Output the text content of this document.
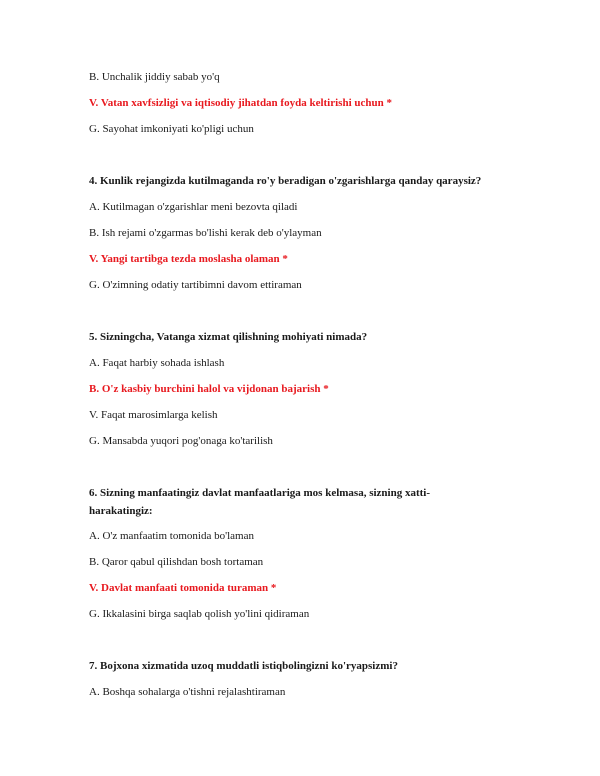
B. Unchalik jiddiy sabab yo'q
V. Vatan xavfsizligi va iqtisodiy jihatdan foyda keltirishi uchun *
G. Sayohat imkoniyati ko'pligi uchun
4. Kunlik rejangizda kutilmaganda ro'y beradigan o'zgarishlarga qanday qaraysiz?
A. Kutilmagan o'zgarishlar meni bezovta qiladi
B. Ish rejami o'zgarmas bo'lishi kerak deb o'ylayman
V. Yangi tartibga tezda moslasha olaman *
G. O'zimning odatiy tartibimni davom ettiraman
5. Sizningcha, Vatanga xizmat qilishning mohiyati nimada?
A. Faqat harbiy sohada ishlash
B. O'z kasbiy burchini halol va vijdonan bajarish *
V. Faqat marosimlarga kelish
G. Mansabda yuqori pog'onaga ko'tarilish
6. Sizning manfaatingiz davlat manfaatlariga mos kelmasa, sizning xatti-
harakatingiz:
A. O'z manfaatim tomonida bo'laman
B. Qaror qabul qilishdan bosh tortaman
V. Davlat manfaati tomonida turaman *
G. Ikkalasini birga saqlab qolish yo'lini qidiraman
7. Bojxona xizmatida uzoq muddatli istiqbolingizni ko'ryapsizmi?
A. Boshqa sohalarga o'tishni rejalashtiraman
